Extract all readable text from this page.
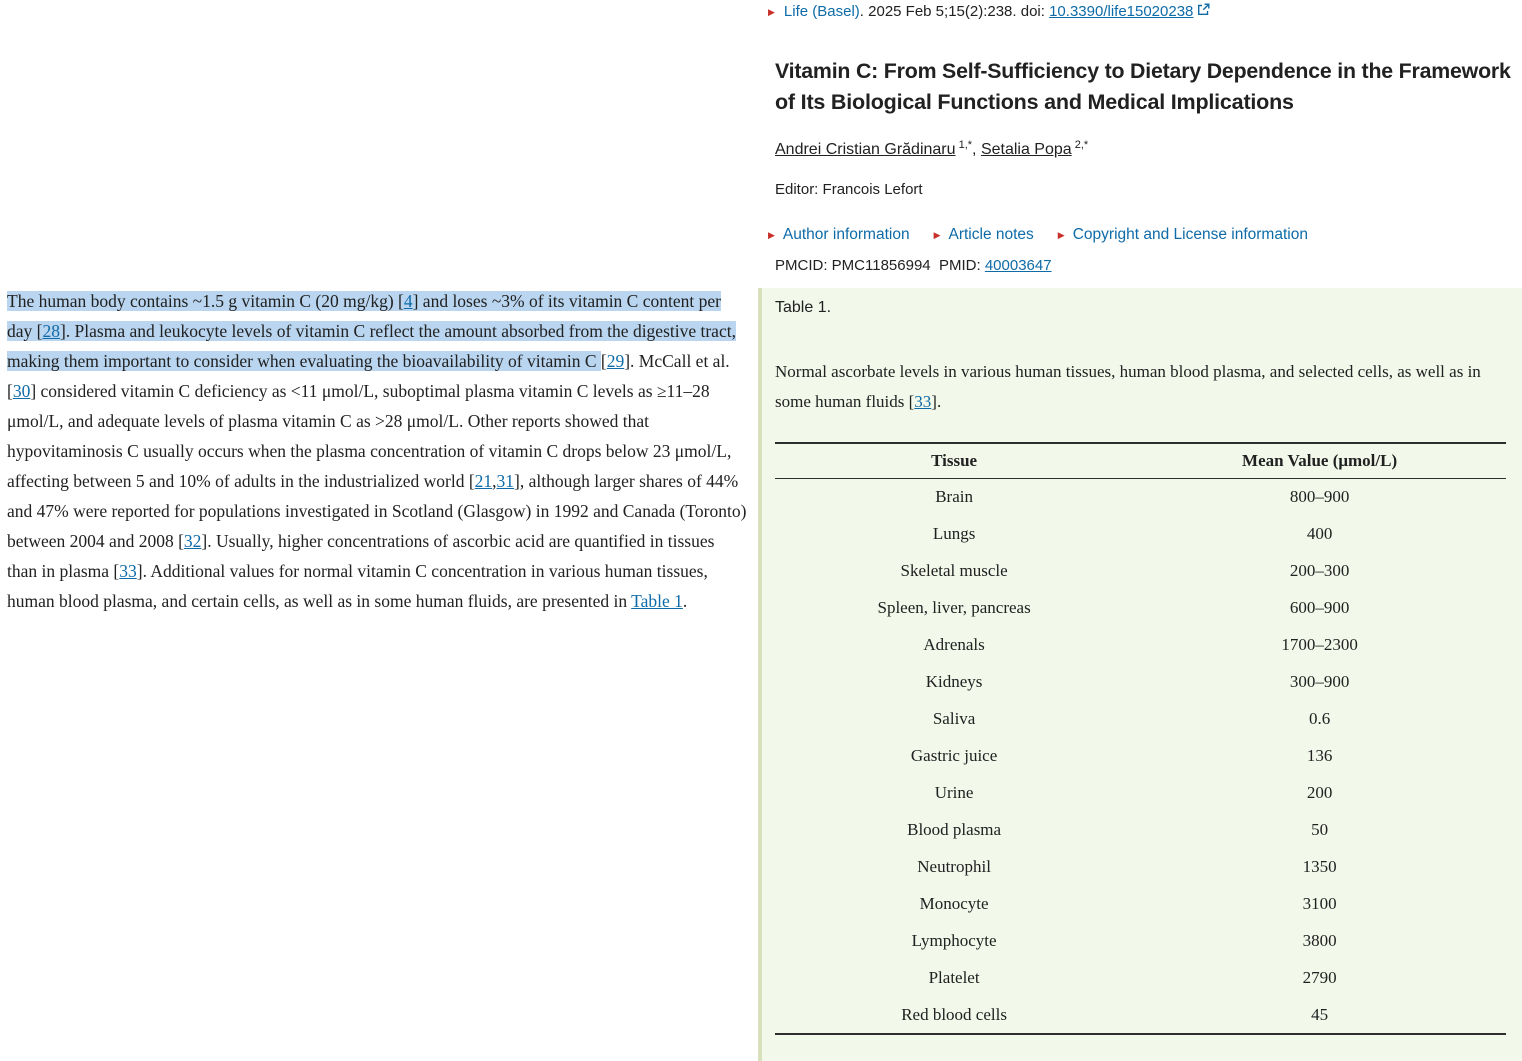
The human body contains ~1.5 g vitamin C (20 mg/kg) [4] and loses ~3% of its vitamin C content per day [28]. Plasma and leukocyte levels of vitamin C reflect the amount absorbed from the digestive tract, making them important to consider when evaluating the bioavailability of vitamin C [29]. McCall et al. [30] considered vitamin C deficiency as <11 μmol/L, suboptimal plasma vitamin C levels as ≥11–28 μmol/L, and adequate levels of plasma vitamin C as >28 μmol/L. Other reports showed that hypovitaminosis C usually occurs when the plasma concentration of vitamin C drops below 23 μmol/L, affecting between 5 and 10% of adults in the industrialized world [21,31], although larger shares of 44% and 47% were reported for populations investigated in Scotland (Glasgow) in 1992 and Canada (Toronto) between 2004 and 2008 [32]. Usually, higher concentrations of ascorbic acid are quantified in tissues than in plasma [33]. Additional values for normal vitamin C concentration in various human tissues, human blood plasma, and certain cells, as well as in some human fluids, are presented in Table 1.
▶ Life (Basel) . 2025 Feb 5;15(2):238. doi: 10.3390/life15020238
Vitamin C: From Self-Sufficiency to Dietary Dependence in the Framework
of Its Biological Functions and Medical Implications
Andrei Cristian Grădinaru $^{1,*}$, Setalia Popa $^{2,*}$
Editor: Francois Lefort
▶ Author information	▶ Article notes	▶ Copyright and License information
PMCID: PMC11856994 PMID: 40003647
Table 1.
Normal ascorbate levels in various human tissues, human blood plasma, and selected cells, as well as in some human fluids [33].
Tissue	Mean Value (μmol/L)
Brain	800–900
Lungs	400
Skeletal muscle	200–300
Spleen, liver, pancreas	600–900
Adrenals	1700–2300
Kidneys	300–900
Saliva	0.6
Gastric juice	136
Urine	200
Blood plasma	50
Neutrophil	1350
Monocyte	3100
Lymphocyte	3800
Platelet	2790
Red blood cells	45
